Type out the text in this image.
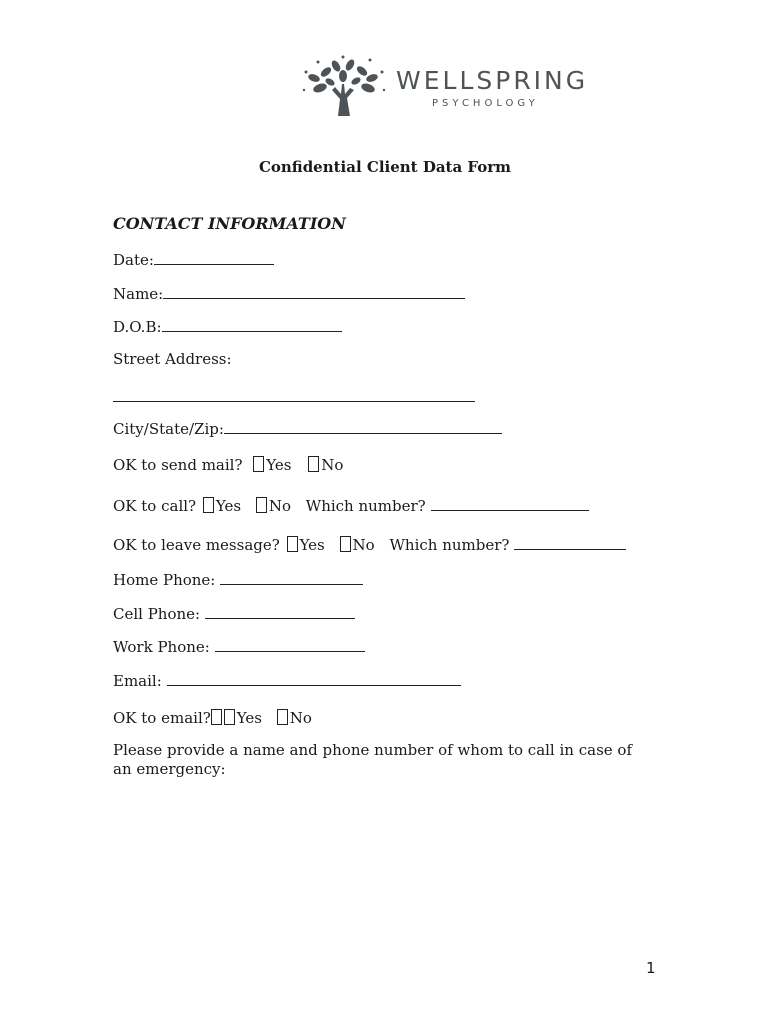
WELLSPRING
PSYCHOLOGY
Confidential Client Data Form
CONTACT INFORMATION
Date:
Name:
D.O.B:
Street Address:
City/State/Zip:
OK to send mail? Yes No
OK to call? Yes No Which number?
OK to leave message? Yes No Which number?
Home Phone:
Cell Phone:
Work Phone:
Email:
OK to email? Yes No
Please provide a name and phone number of whom to call in case of an emergency:
1
